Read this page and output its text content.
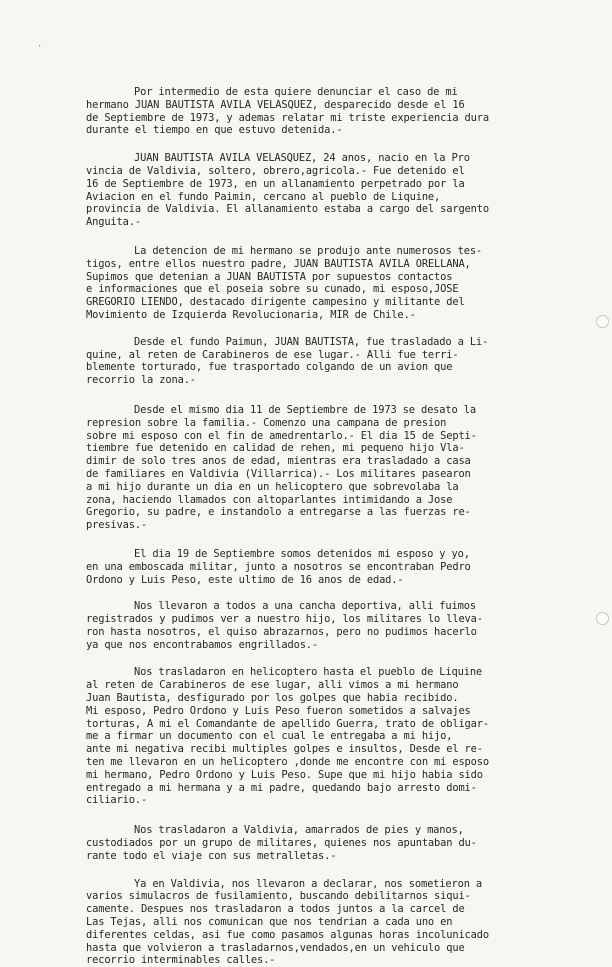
'

Por intermedio de esta quiere denunciar el caso de mi
hermano JUAN BAUTISTA AVILA VELASQUEZ, desparecido desde el 16
de Septiembre de 1973, y ademas relatar mi triste experiencia dura
durante el tiempo en que estuvo detenida.-

JUAN BAUTISTA AVILA VELASQUEZ, 24 anos, nacio en la Pro
vincia de Valdivia, soltero, obrero,agricola.- Fue detenido el
16 de Septiembre de 1973, en un allanamiento perpetrado por la
Aviacion en el fundo Paimin, cercano al pueblo de Liquine,
provincia de Valdivia. El allanamiento estaba a cargo del sargento
Anguita.-

La detencion de mi hermano se produjo ante numerosos tes-
tigos, entre ellos nuestro padre, JUAN BAUTISTA AVILA ORELLANA,
Supimos que detenian a JUAN BAUTISTA por supuestos contactos
e informaciones que el poseia sobre su cunado, mi esposo,JOSE
GREGORIO LIENDO, destacado dirigente campesino y militante del
Movimiento de Izquierda Revolucionaria, MIR de Chile.-

Desde el fundo Paimun, JUAN BAUTISTA, fue trasladado a Li-
quine, al reten de Carabineros de ese lugar.- Alli fue terri-
blemente torturado, fue trasportado colgando de un avion que
recorrio la zona.-

Desde el mismo dia 11 de Septiembre de 1973 se desato la
represion sobre la familia.- Comenzo una campana de presion
sobre mi esposo con el fin de amedrentarlo.- El dia 15 de Septi-
tiembre fue detenido en calidad de rehen, mi pequeno hijo Vla-
dimir de solo tres anos de edad, mientras era trasladado a casa
de familiares en Valdivia (Villarrica).- Los militares pasearon
a mi hijo durante un dia en un helicoptero que sobrevolaba la
zona, haciendo llamados con altoparlantes intimidando a Jose
Gregorio, su padre, e instandolo a entregarse a las fuerzas re-
presivas.-

El dia 19 de Septiembre somos detenidos mi esposo y yo,
en una emboscada militar, junto a nosotros se encontraban Pedro
Ordono y Luis Peso, este ultimo de 16 anos de edad.-

Nos llevaron a todos a una cancha deportiva, alli fuimos
registrados y pudimos ver a nuestro hijo, los militares lo lleva-
ron hasta nosotros, el quiso abrazarnos, pero no pudimos hacerlo
ya que nos encontrabamos engrillados.-

Nos trasladaron en helicoptero hasta el pueblo de Liquine
al reten de Carabineros de ese lugar, alli vimos a mi hermano
Juan Bautista, desfigurado por los golpes que habia recibido.
Mi esposo, Pedro Ordono y Luis Peso fueron sometidos a salvajes
torturas, A mi el Comandante de apellido Guerra, trato de obligar-
me a firmar un documento con el cual le entregaba a mi hijo,
ante mi negativa recibi multiples golpes e insultos, Desde el re-
ten me llevaron en un helicoptero ,donde me encontre con mi esposo
mi hermano, Pedro Ordono y Luis Peso. Supe que mi hijo habia sido
entregado a mi hermana y a mi padre, quedando bajo arresto domi-
ciliario.-

Nos trasladaron a Valdivia, amarrados de pies y manos,
custodiados por un grupo de militares, quienes nos apuntaban du-
rante todo el viaje con sus metralletas.-

Ya en Valdivia, nos llevaron a declarar, nos sometieron a
varios simulacros de fusilamiento, buscando debilitarnos siqui-
camente. Despues nos trasladaron a todos juntos a la carcel de
Las Tejas, alli nos comunican que nos tendrian a cada uno en
diferentes celdas, asi fue como pasamos algunas horas incolunicado
hasta que volvieron a trasladarnos,vendados,en un vehiculo que
recorrio interminables calles.-
